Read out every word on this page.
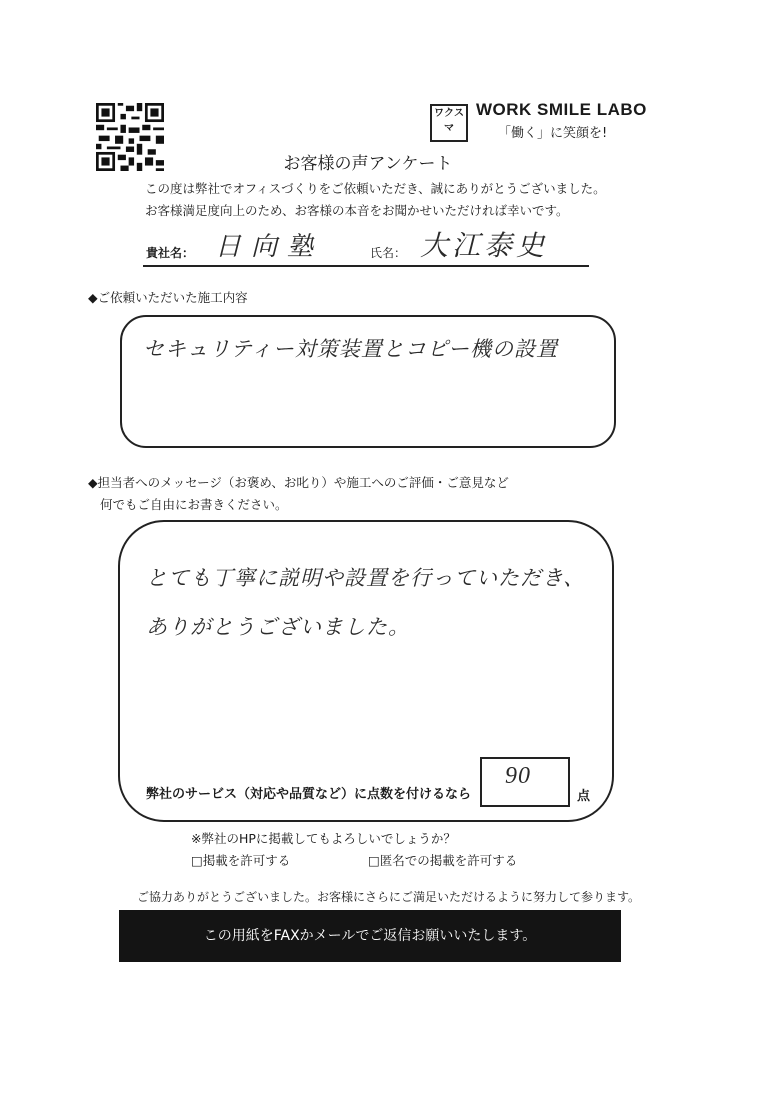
ワクスマ
WORK SMILE LABO
「働く」に笑顔を!
お客様の声アンケート
この度は弊社でオフィスづくりをご依頼いただき、誠にありがとうございました。
お客様満足度向上のため、お客様の本音をお聞かせいただければ幸いです。
貴社名： 日向塾	氏名： 大江泰史
◆ご依頼いただいた施工内容
セキュリティー対策装置とコピー機の設置
◆担当者へのメッセージ（お褒め、お叱り）や施工へのご評価・ご意見など
何でもご自由にお書きください。
とても丁寧に説明や設置を行っていただき、
ありがとうございました。
弊社のサービス（対応や品質など）に点数を付けるなら
90
点
※弊社のHPに掲載してもよろしいでしょうか？
□掲載を許可する	□匿名での掲載を許可する
ご協力ありがとうございました。お客様にさらにご満足いただけるように努力して参ります。
この用紙をFAXかメールでご返信お願いいたします。
